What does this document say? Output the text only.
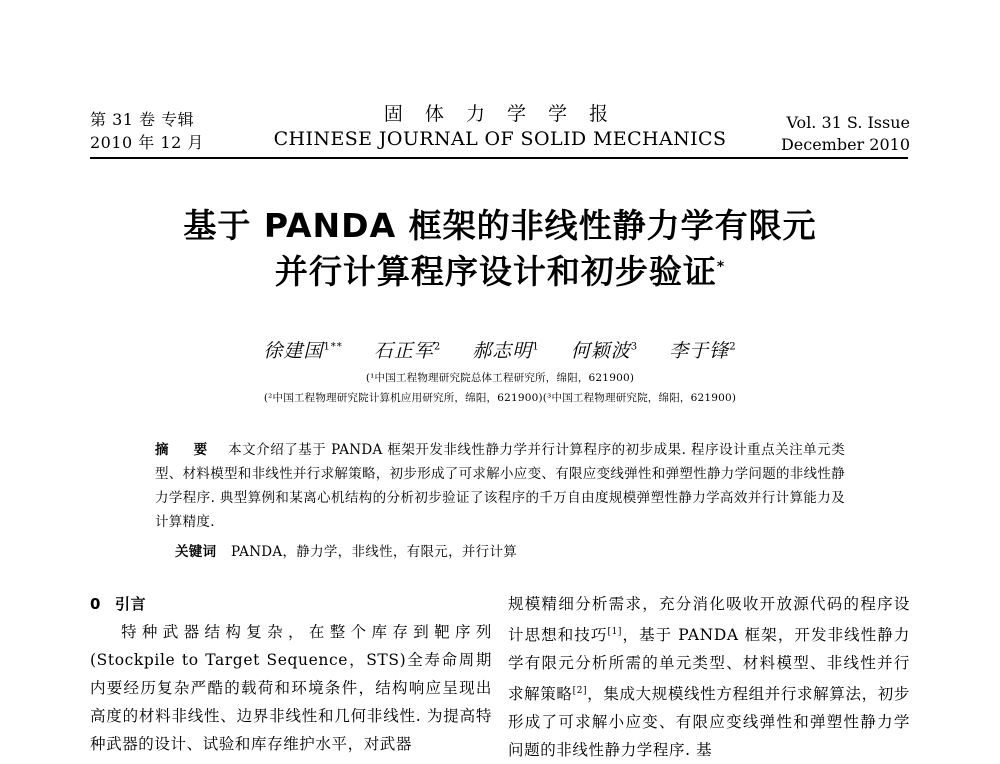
第 31 卷 专辑
2010 年 12 月
固 体 力 学 学 报
CHINESE JOURNAL OF SOLID MECHANICS
Vol. 31 S. Issue
December 2010
基于 PANDA 框架的非线性静力学有限元
并行计算程序设计和初步验证*
徐建国$^{1**}$ 石正军$^2$ 郝志明$^1$ 何颖波$^3$ 李于锋$^2$
(¹中国工程物理研究院总体工程研究所，绵阳，621900)
(²中国工程物理研究院计算机应用研究所，绵阳，621900)(³中国工程物理研究院，绵阳，621900)
摘 要 本文介绍了基于 PANDA 框架开发非线性静力学并行计算程序的初步成果. 程序设计重点关注单元类型、材料模型和非线性并行求解策略，初步形成了可求解小应变、有限应变线弹性和弹塑性静力学问题的非线性静力学程序. 典型算例和某离心机结构的分析初步验证了该程序的千万自由度规模弹塑性静力学高效并行计算能力及计算精度.
关键词 PANDA，静力学，非线性，有限元，并行计算
0 引言

特种武器结构复杂，在整个库存到靶序列(Stockpile to Target Sequence，STS)全寿命周期内要经历复杂严酷的载荷和环境条件，结构响应呈现出高度的材料非线性、边界非线性和几何非线性. 为提高特种武器的设计、试验和库存维护水平，对武器

规模精细分析需求，充分消化吸收开放源代码的程序设计思想和技巧[1]，基于 PANDA 框架，开发非线性静力学有限元分析所需的单元类型、材料模型、非线性并行求解策略[2]，集成大规模线性方程组并行求解算法，初步形成了可求解小应变、有限应变线弹性和弹塑性静力学问题的非线性静力学程序. 基
